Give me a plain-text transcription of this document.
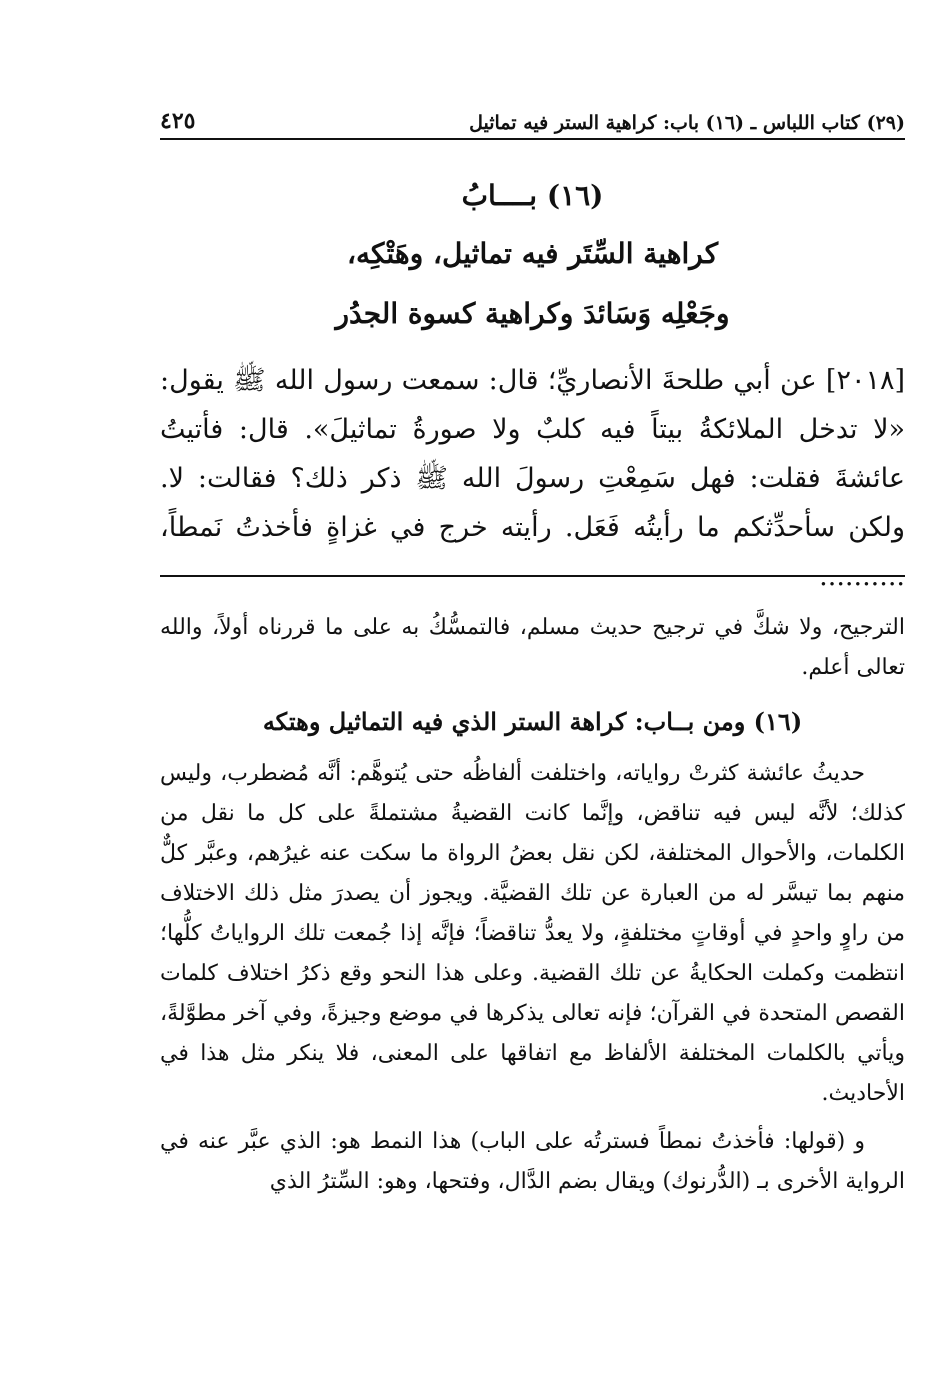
(٢٩) كتاب اللباس ـ (١٦) باب: كراهية الستر فيه تماثيل
٤٢٥
(١٦) بــــابُ
كراهية السِّتَر فيه تماثيل، وهَتْكِه،
وجَعْلِه وَسَائدَ وكراهية كسوة الجدُر
[٢٠١٨] عن أبي طلحةَ الأنصاريِّ؛ قال: سمعت رسول الله ﷺ يقول: «لا تدخل الملائكةُ بيتاً فيه كلبٌ ولا صورةُ تماثيلَ». قال: فأتيتُ عائشةَ فقلت: فهل سَمِعْتِ رسولَ الله ﷺ ذكر ذلك؟ فقالت: لا. ولكن سأحدِّثكم ما رأيتُه فَعَل. رأيته خرج في غزاةٍ فأخذتُ نَمطاً، ..........

الترجيح، ولا شكَّ في ترجيح حديث مسلم، فالتمسُّكُ به على ما قررناه أولاً، والله تعالى أعلم.

(١٦) ومن بــاب: كراهة الستر الذي فيه التماثيل وهتكه

حديثُ عائشة كثرتْ رواياته، واختلفت ألفاظُه حتى يُتوهَّم: أنَّه مُضطرب، وليس كذلك؛ لأنَّه ليس فيه تناقض، وإنَّما كانت القضيةُ مشتملةً على كل ما نقل من الكلمات، والأحوال المختلفة، لكن نقل بعضُ الرواة ما سكت عنه غيرُهم، وعبَّر كلٌّ منهم بما تيسَّر له من العبارة عن تلك القضيَّة. ويجوز أن يصدرَ مثل ذلك الاختلاف من راوٍ واحدٍ في أوقاتٍ مختلفةٍ، ولا يعدُّ تناقضاً؛ فإنَّه إذا جُمعت تلك الرواياتُ كلُّها؛ انتظمت وكملت الحكايةُ عن تلك القضية. وعلى هذا النحو وقع ذكرُ اختلاف كلمات القصص المتحدة في القرآن؛ فإنه تعالى يذكرها في موضع وجيزةً، وفي آخر مطوَّلةً، ويأتي بالكلمات المختلفة الألفاظ مع اتفاقها على المعنى، فلا ينكر مثل هذا في الأحاديث.

و (قولها: فأخذتُ نمطاً فسترتُه على الباب) هذا النمط هو: الذي عبَّر عنه في الرواية الأخرى بـ (الدُّرنوك) ويقال بضم الدَّال، وفتحها، وهو: السِّترُ الذي
